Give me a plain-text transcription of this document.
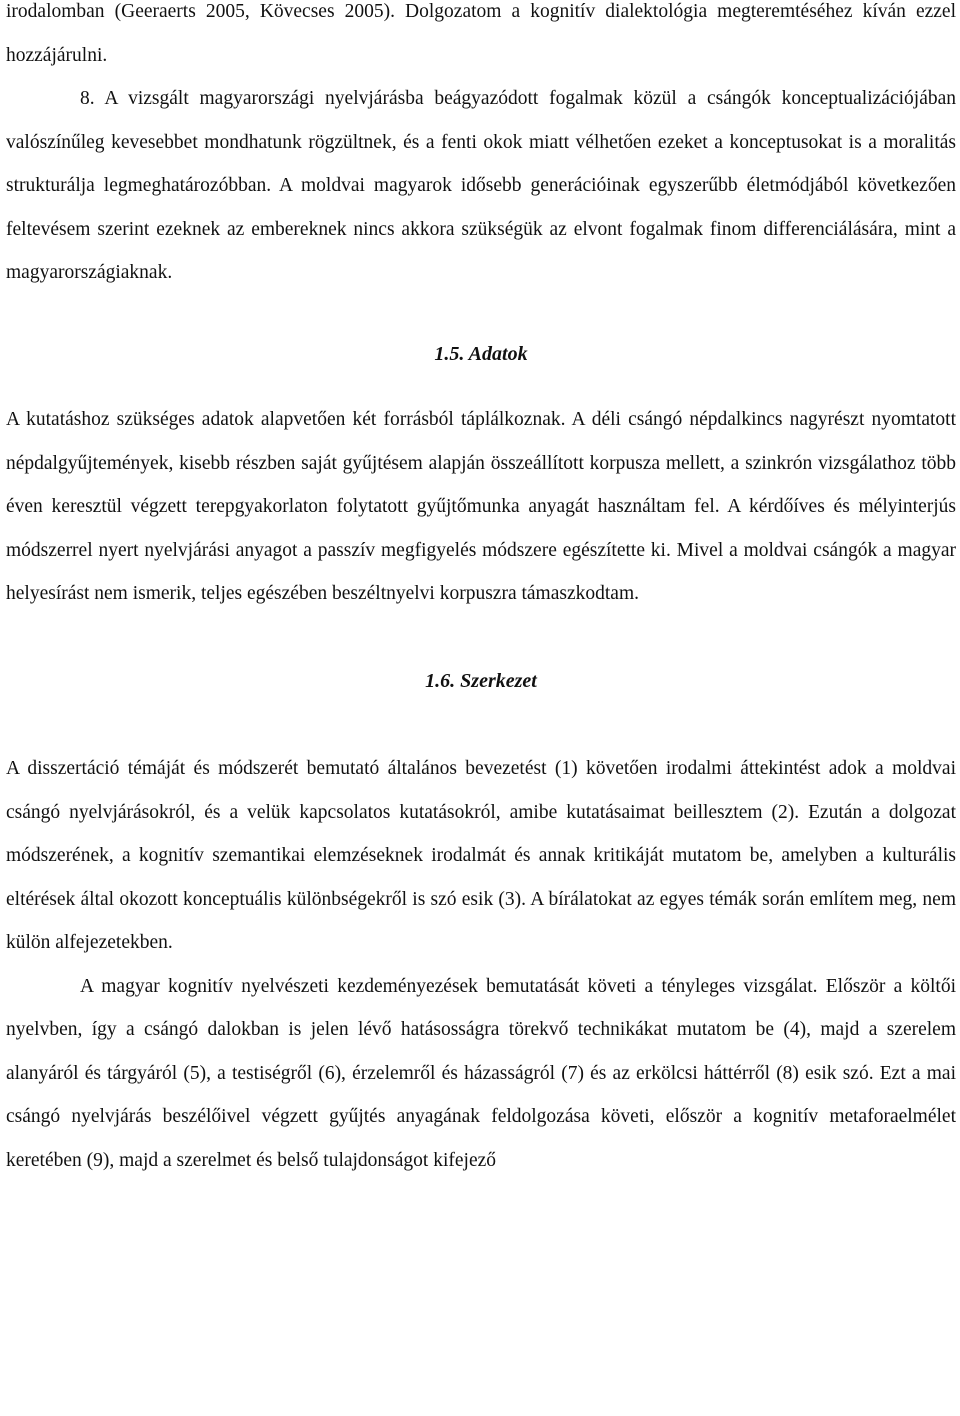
irodalomban (Geeraerts 2005, Kövecses 2005). Dolgozatom a kognitív dialektológia megteremtéséhez kíván ezzel hozzájárulni.

8. A vizsgált magyarországi nyelvjárásba beágyazódott fogalmak közül a csángók konceptualizációjában valószínűleg kevesebbet mondhatunk rögzültnek, és a fenti okok miatt vélhetően ezeket a konceptusokat is a moralitás strukturálja legmeghatározóbban. A moldvai magyarok idősebb generációinak egyszerűbb életmódjából következően feltevésem szerint ezeknek az embereknek nincs akkora szükségük az elvont fogalmak finom differenciálására, mint a magyarországiaknak.

1.5. Adatok

A kutatáshoz szükséges adatok alapvetően két forrásból táplálkoznak. A déli csángó népdalkincs nagyrészt nyomtatott népdalgyűjtemények, kisebb részben saját gyűjtésem alapján összeállított korpusza mellett, a szinkrón vizsgálathoz több éven keresztül végzett terepgyakorlaton folytatott gyűjtőmunka anyagát használtam fel. A kérdőíves és mélyinterjús módszerrel nyert nyelvjárási anyagot a passzív megfigyelés módszere egészítette ki. Mivel a moldvai csángók a magyar helyesírást nem ismerik, teljes egészében beszéltnyelvi korpuszra támaszkodtam.

1.6. Szerkezet

A disszertáció témáját és módszerét bemutató általános bevezetést (1) követően irodalmi áttekintést adok a moldvai csángó nyelvjárásokról, és a velük kapcsolatos kutatásokról, amibe kutatásaimat beillesztem (2). Ezután a dolgozat módszerének, a kognitív szemantikai elemzéseknek irodalmát és annak kritikáját mutatom be, amelyben a kulturális eltérések által okozott konceptuális különbségekről is szó esik (3). A bírálatokat az egyes témák során említem meg, nem külön alfejezetekben.

A magyar kognitív nyelvészeti kezdeményezések bemutatását követi a tényleges vizsgálat. Először a költői nyelvben, így a csángó dalokban is jelen lévő hatásosságra törekvő technikákat mutatom be (4), majd a szerelem alanyáról és tárgyáról (5), a testiségről (6), érzelemről és házasságról (7) és az erkölcsi háttérről (8) esik szó. Ezt a mai csángó nyelvjárás beszélőivel végzett gyűjtés anyagának feldolgozása követi, először a kognitív metaforaelmélet keretében (9), majd a szerelmet és belső tulajdonságot kifejező
